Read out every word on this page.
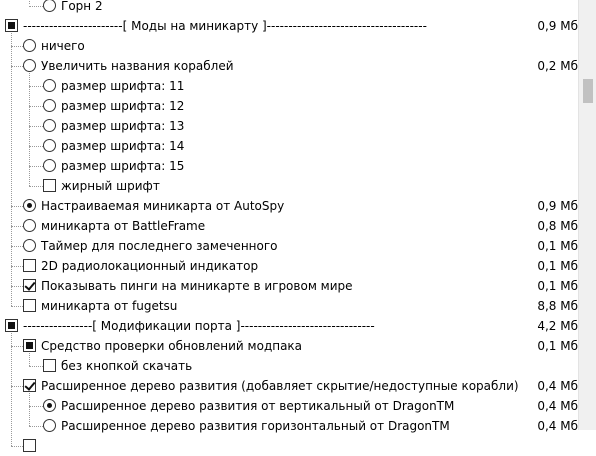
Горн 2
-----------------------[ Моды на миникарту ]-------------------------------------	0,9 Мб
ничего
Увеличить названия кораблей	0,2 Мб
размер шрифта: 11
размер шрифта: 12
размер шрифта: 13
размер шрифта: 14
размер шрифта: 15
жирный шрифт
Настраиваемая миникарта от AutoSpy	0,9 Мб
миникарта от BattleFrame	0,8 Мб
Таймер для последнего замеченного	0,1 Мб
2D радиолокационный индикатор	0,1 Мб
Показывать пинги на миникарте в игровом мире	0,1 Мб
миникарта от fugetsu	8,8 Мб
----------------[ Модификации порта ]-------------------------------	4,2 Мб
Средство проверки обновлений модпака	0,1 Мб
без кнопкой скачать
Расширенное дерево развития (добавляет скрытие/недоступные корабли) 0,4 Мб
Расширенное дерево развития от вертикальный от DragonTM	0,4 Мб
Расширенное дерево развития горизонтальный от DragonTM	0,4 Мб
